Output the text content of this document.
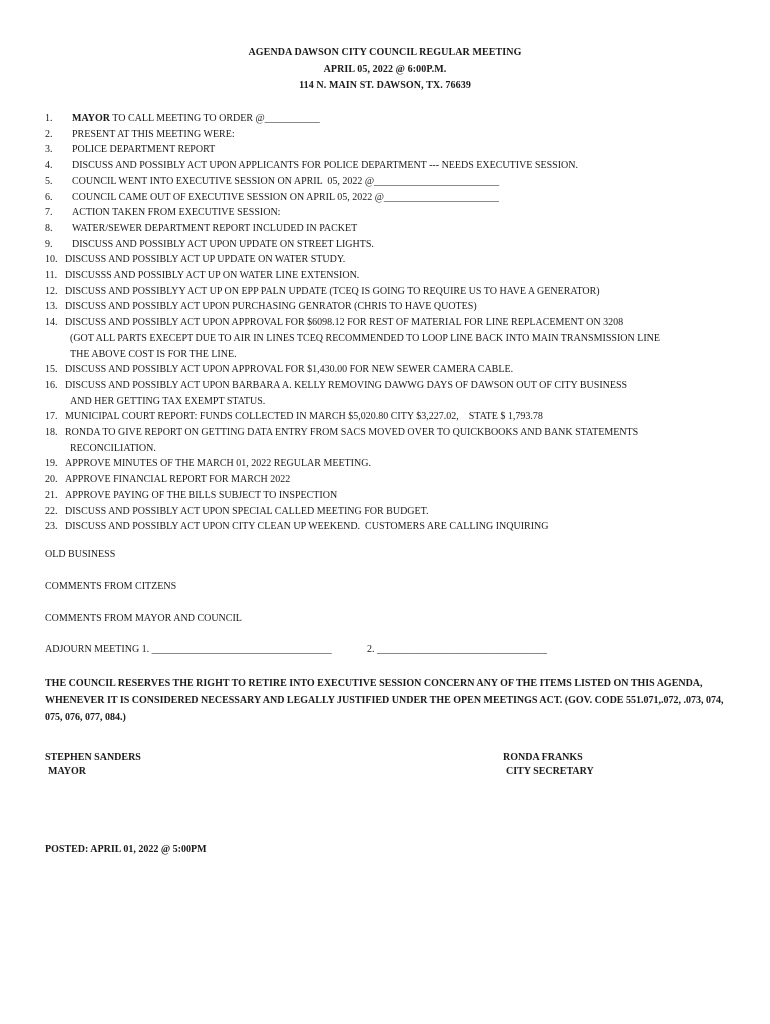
AGENDA DAWSON CITY COUNCIL REGULAR MEETING
APRIL 05, 2022 @ 6:00P.M.
114 N. MAIN ST. DAWSON, TX. 76639
1.	MAYOR TO CALL MEETING TO ORDER @___________
2.	PRESENT AT THIS MEETING WERE:
3.	POLICE DEPARTMENT REPORT
4.	DISCUSS AND POSSIBLY ACT UPON APPLICANTS FOR POLICE DEPARTMENT --- NEEDS EXECUTIVE SESSION.
5.	COUNCIL WENT INTO EXECUTIVE SESSION ON APRIL  05, 2022 @_________________________
6.	COUNCIL CAME OUT OF EXECUTIVE SESSION ON APRIL 05, 2022 @_______________________
7.	ACTION TAKEN FROM EXECUTIVE SESSION:
8.	WATER/SEWER DEPARTMENT REPORT INCLUDED IN PACKET
9.	DISCUSS AND POSSIBLY ACT UPON UPDATE ON STREET LIGHTS.
10. DISCUSS AND POSSIBLY ACT UP UPDATE ON WATER STUDY.
11. DISCUSSS AND POSSIBLY ACT UP ON WATER LINE EXTENSION.
12. DISCUSS AND POSSIBLYY ACT UP ON EPP PALN UPDATE (TCEQ IS GOING TO REQUIRE US TO HAVE A GENERATOR)
13. DISCUSS AND POSSIBLY ACT UPON PURCHASING GENRATOR (CHRIS TO HAVE QUOTES)
14. DISCUSS AND POSSIBLY ACT UPON APPROVAL FOR $6098.12 FOR REST OF MATERIAL FOR LINE REPLACEMENT ON 3208
(GOT ALL PARTS EXECEPT DUE TO AIR IN LINES TCEQ RECOMMENDED TO LOOP LINE BACK INTO MAIN TRANSMISSION LINE
THE ABOVE COST IS FOR THE LINE.
15. DISCUSS AND POSSIBLY ACT UPON APPROVAL FOR $1,430.00 FOR NEW SEWER CAMERA CABLE.
16. DISCUSS AND POSSIBLY ACT UPON BARBARA A. KELLY REMOVING DAWWG DAYS OF DAWSON OUT OF CITY BUSINESS
AND HER GETTING TAX EXEMPT STATUS.
17. MUNICIPAL COURT REPORT: FUNDS COLLECTED IN MARCH $5,020.80 CITY $3,227.02,    STATE $ 1,793.78
18. RONDA TO GIVE REPORT ON GETTING DATA ENTRY FROM SACS MOVED OVER TO QUICKBOOKS AND BANK STATEMENTS
RECONCILIATION.
19. APPROVE MINUTES OF THE MARCH 01, 2022 REGULAR MEETING.
20. APPROVE FINANCIAL REPORT FOR MARCH 2022
21. APPROVE PAYING OF THE BILLS SUBJECT TO INSPECTION
22. DISCUSS AND POSSIBLY ACT UPON SPECIAL CALLED MEETING FOR BUDGET.
23. DISCUSS AND POSSIBLY ACT UPON CITY CLEAN UP WEEKEND.  CUSTOMERS ARE CALLING INQUIRING
OLD BUSINESS
COMMENTS FROM CITZENS
COMMENTS FROM MAYOR AND COUNCIL
ADJOURN MEETING 1. ____________________________________	2. __________________________________
THE COUNCIL RESERVES THE RIGHT TO RETIRE INTO EXECUTIVE SESSION CONCERN ANY OF THE ITEMS LISTED ON THIS AGENDA, WHENEVER IT IS CONSIDERED NECESSARY AND LEGALLY JUSTIFIED UNDER THE OPEN MEETINGS ACT. (GOV. CODE 551.071,.072, .073, 074, 075, 076, 077, 084.)
STEPHEN SANDERS
MAYOR
RONDA FRANKS
CITY SECRETARY
POSTED: APRIL 01, 2022 @ 5:00PM
